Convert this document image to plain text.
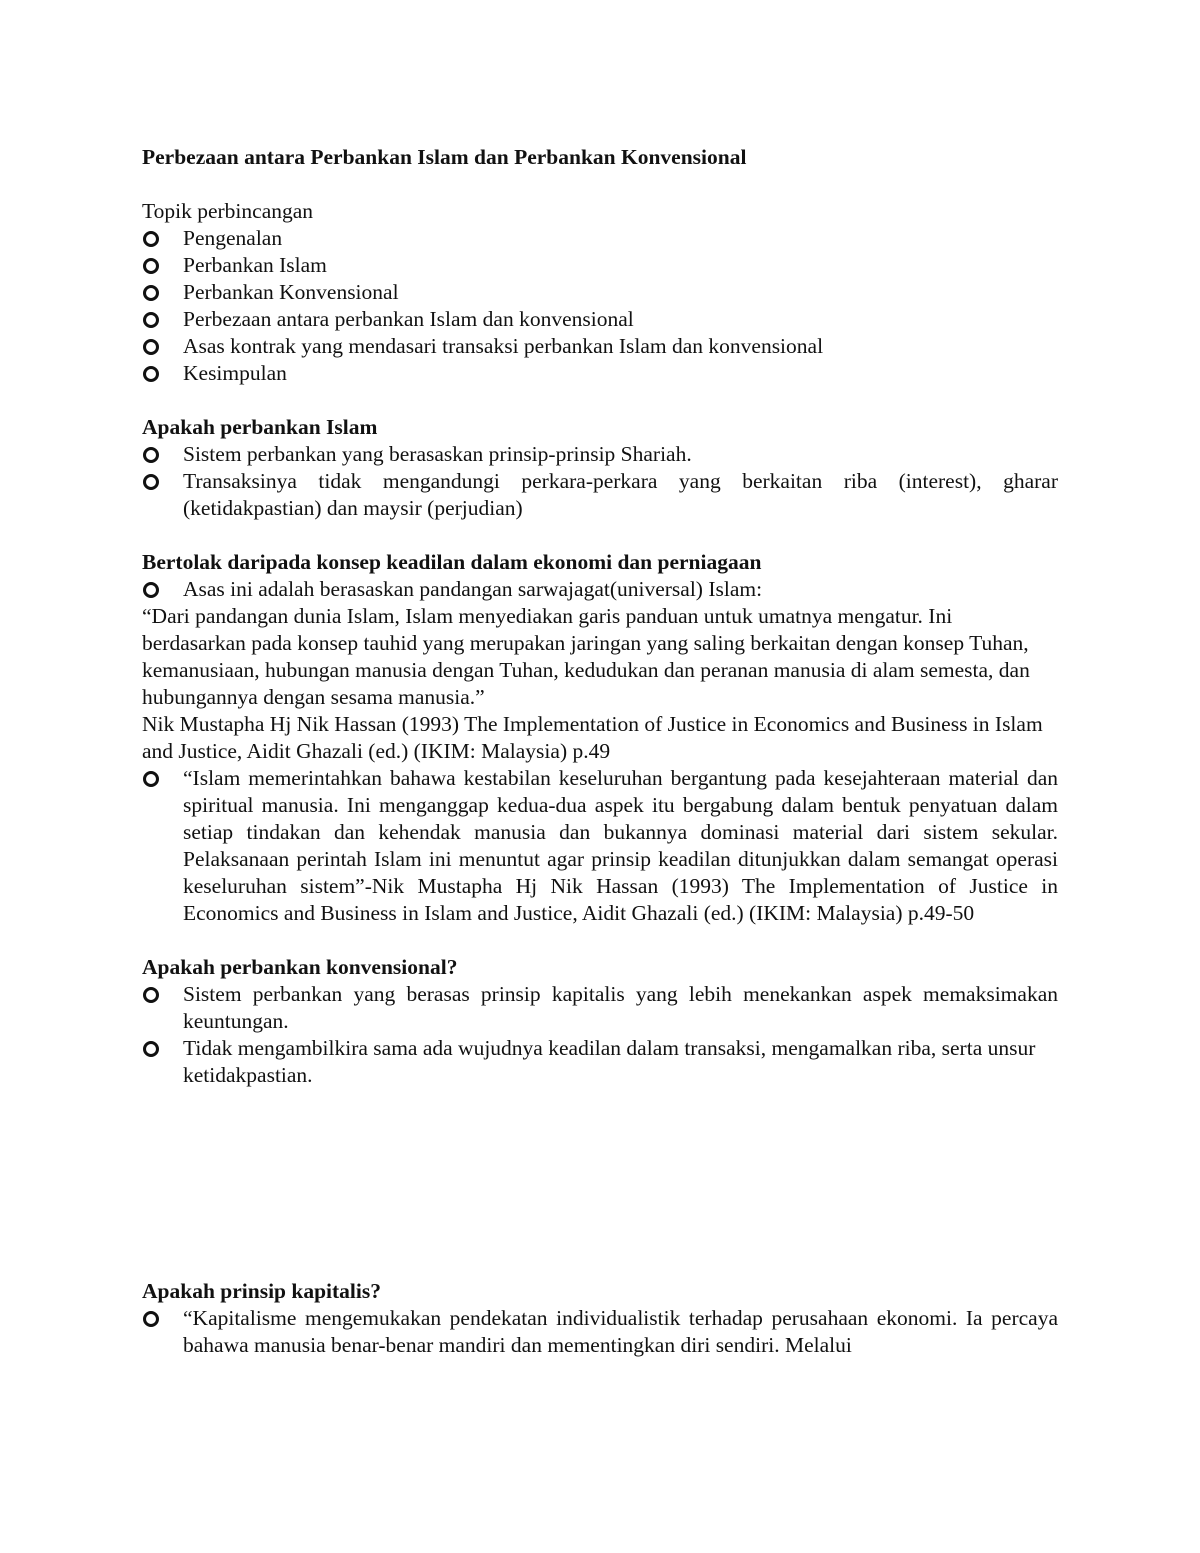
Perbezaan antara Perbankan Islam dan Perbankan Konvensional

Topik perbincangan

Pengenalan
Perbankan Islam
Perbankan Konvensional
Perbezaan antara perbankan Islam dan konvensional
Asas kontrak yang mendasari transaksi perbankan Islam dan konvensional
Kesimpulan

Apakah perbankan Islam

Sistem perbankan yang berasaskan prinsip-prinsip Shariah.
Transaksinya tidak mengandungi perkara-perkara yang berkaitan riba (interest), gharar (ketidakpastian) dan maysir (perjudian)

Bertolak daripada konsep keadilan dalam ekonomi dan perniagaan

Asas ini adalah berasaskan pandangan sarwajagat(universal) Islam:

“Dari pandangan dunia Islam, Islam menyediakan garis panduan untuk umatnya mengatur. Ini berdasarkan pada konsep tauhid yang merupakan jaringan yang saling berkaitan dengan konsep Tuhan, kemanusiaan, hubungan manusia dengan Tuhan, kedudukan dan peranan manusia di alam semesta, dan hubungannya dengan sesama manusia.”

Nik Mustapha Hj Nik Hassan (1993) The Implementation of Justice in Economics and Business in Islam and Justice, Aidit Ghazali (ed.) (IKIM: Malaysia) p.49

“Islam memerintahkan bahawa kestabilan keseluruhan bergantung pada kesejahteraan material dan spiritual manusia. Ini menganggap kedua-dua aspek itu bergabung dalam bentuk penyatuan dalam setiap tindakan dan kehendak manusia dan bukannya dominasi material dari sistem sekular. Pelaksanaan perintah Islam ini menuntut agar prinsip keadilan ditunjukkan dalam semangat operasi keseluruhan sistem”-Nik Mustapha Hj Nik Hassan (1993) The Implementation of Justice in Economics and Business in Islam and Justice, Aidit Ghazali (ed.) (IKIM: Malaysia) p.49-50

Apakah perbankan konvensional?

Sistem perbankan yang berasas prinsip kapitalis yang lebih menekankan aspek memaksimakan keuntungan.
Tidak mengambilkira sama ada wujudnya keadilan dalam transaksi, mengamalkan riba, serta unsur ketidakpastian.

Apakah prinsip kapitalis?

“Kapitalisme mengemukakan pendekatan individualistik terhadap perusahaan ekonomi. Ia percaya bahawa manusia benar-benar mandiri dan mementingkan diri sendiri. Melalui
